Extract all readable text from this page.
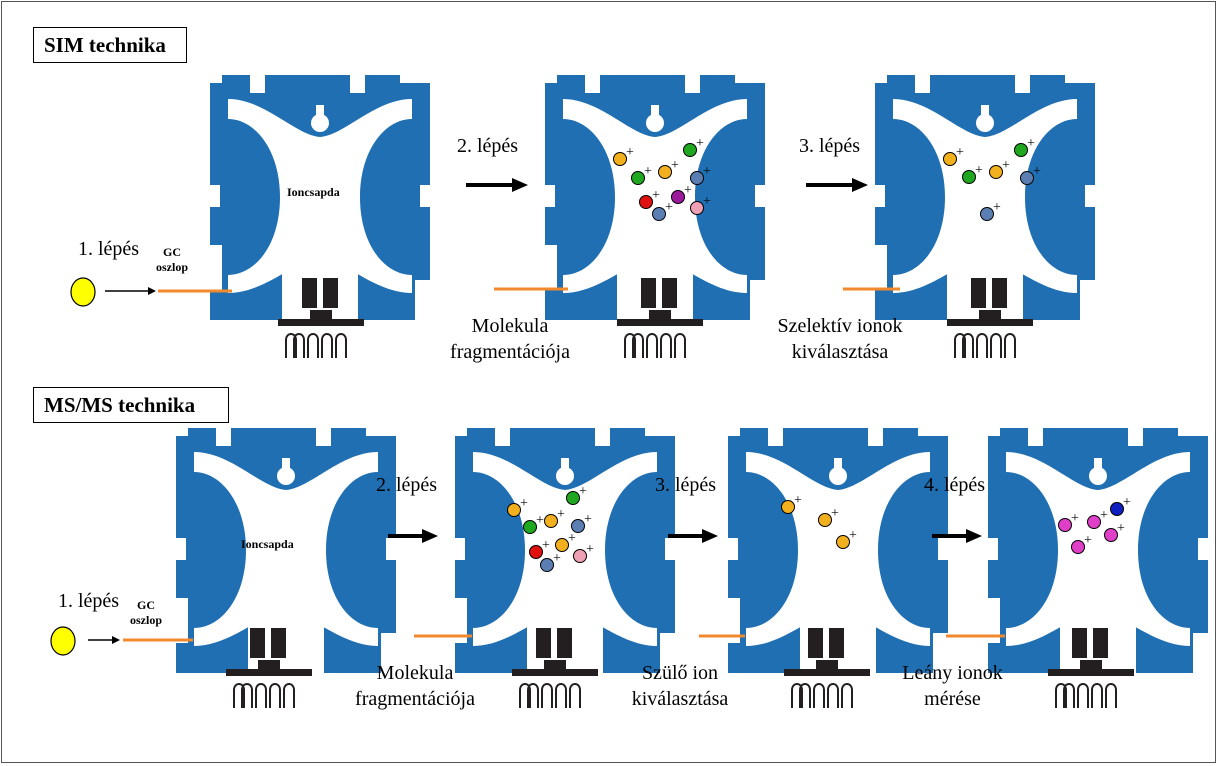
+
+
+ + +
+ +
+ +
+
+
+ + +
+
+
+
+ + +
+ +
+
+
+
+
+
+ +
+
+
+
SIM technika
MS/MS technika
1. lépés
2. lépés	3. lépés
GC
oszlop
Ioncsapda
Molekula
fragmentációja
Szelektív ionok
kiválasztása
1. lépés
2. lépés	3. lépés	4. lépés
GC
oszlop
Ioncsapda
Molekula
fragmentációja
Szülő ion
kiválasztása
Leány ionok
mérése
